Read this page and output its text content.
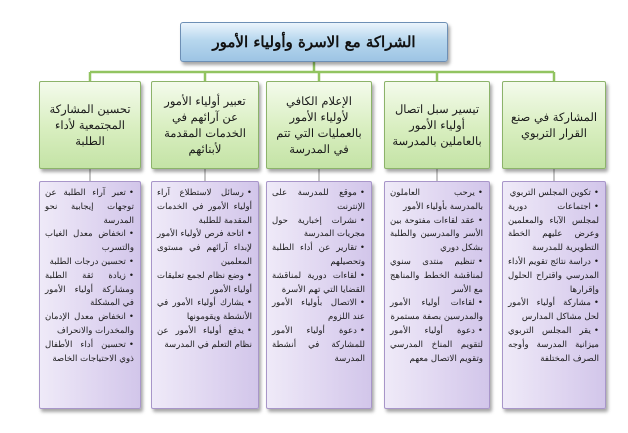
الشراكة مع الاسرة وأولياء الأمور
تحسين المشاركة المجتمعية لأداء الطلبة
• تعبر آراء الطلبة عن توجهات إيجابية نحو المدرسة
• انخفاض معدل الغياب والتسرب
• تحسين درجات الطلبة
• زيادة ثقة الطلبة ومشاركة أولياء الأمور في المشكلة
• انخفاض معدل الإدمان والمخدرات والانحراف
• تحسين أداء الأطفال ذوي الاحتياجات الخاصة
تعبير أولياء الأمور عن آرائهم في الخدمات المقدمة لأبنائهم
• رسائل لاستطلاع آراء أولياء الأمور في الخدمات المقدمة للطلبة
• اتاحة فرص لأولياء الأمور لإبداء آرائهم في مستوى المعلمين
• وضع نظام لجمع تعليقات أولياء الأمور
• يشارك أولياء الأمور في الأنشطة ويقومونها
• يدفع أولياء الأمور عن نظام التعلم في المدرسة
الإعلام الكافي لأولياء الأمور بالعمليات التي تتم في المدرسة
• موقع للمدرسة على الإنترنت
• نشرات إخبارية حول مجريات المدرسة
• تقارير عن أداء الطلبة وتحصيلهم
• لقاءات دورية لمناقشة القضايا التي تهم الأسرة
• الاتصال بأولياء الأمور عند اللزوم
• دعوة أولياء الأمور للمشاركة في أنشطة المدرسة
تيسير سبل اتصال أولياء الأمور بالعاملين بالمدرسة
• يرحب العاملون بالمدرسة بأولياء الأمور
• عقد لقاءات مفتوحة بين الأسر والمدرسين والطلبة بشكل دوري
• تنظيم منتدى سنوي لمناقشة الخطط والمناهج مع الأسر
• لقاءات أولياء الأمور والمدرسين بصفة مستمرة
• دعوة أولياء الأمور لتقويم المناخ المدرسي وتقويم الاتصال معهم
المشاركة في صنع القرار التربوي
• تكوين المجلس التربوي
• اجتماعات دورية لمجلس الآباء والمعلمين وعرض عليهم الخطة التطويرية للمدرسة
• دراسة نتائج تقويم الأداء المدرسي واقتراح الحلول وإقرارها
• مشاركة أولياء الأمور لحل مشاكل المدارس
• يقر المجلس التربوي ميزانية المدرسة وأوجه الصرف المختلفة
